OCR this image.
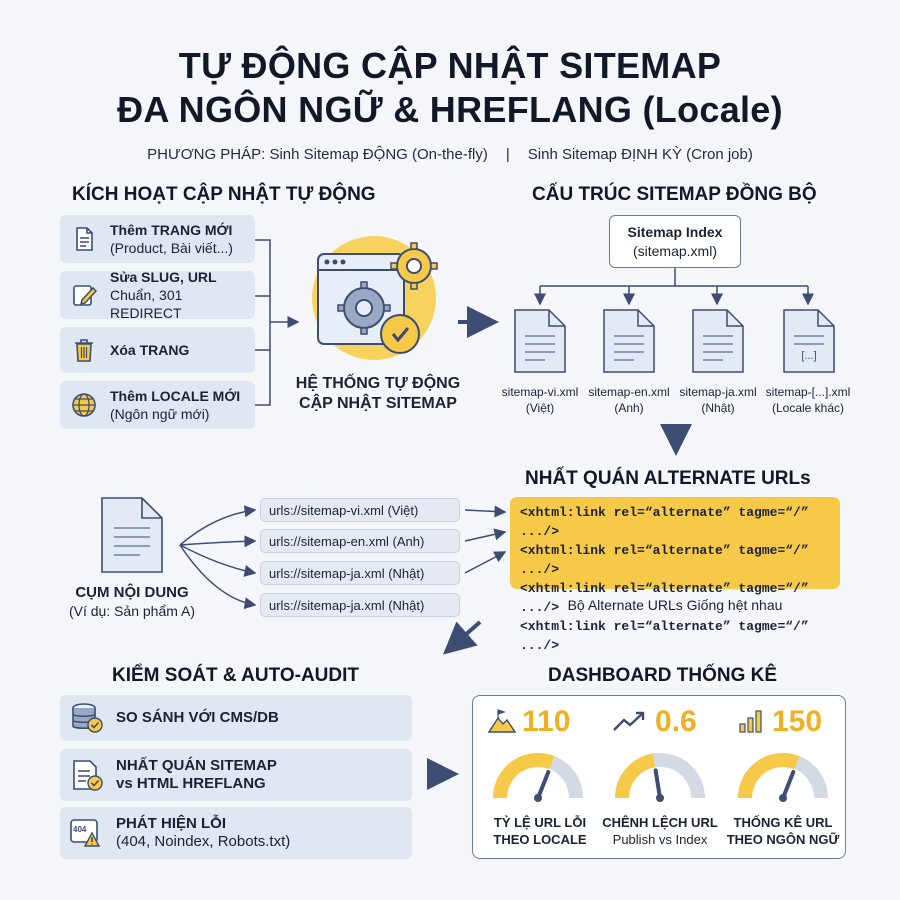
TỰ ĐỘNG CẬP NHẬT SITEMAP
ĐA NGÔN NGỮ & HREFLANG (Locale)
PHƯƠNG PHÁP: Sinh Sitemap ĐỘNG (On-the-fly) | Sinh Sitemap ĐỊNH KỲ (Cron job)
KÍCH HOẠT CẬP NHẬT TỰ ĐỘNG
Thêm TRANG MỚI
(Product, Bài viết...)
Sửa SLUG, URL
Chuẩn, 301 REDIRECT
Xóa TRANG
Thêm LOCALE MỚI
(Ngôn ngữ mới)
HỆ THỐNG TỰ ĐỘNG
CẬP NHẬT SITEMAP
CẤU TRÚC SITEMAP ĐỒNG BỘ
Sitemap Index
(sitemap.xml)
[...]
sitemap-vi.xml
(Việt)
sitemap-en.xml
(Anh)
sitemap-ja.xml
(Nhật)
sitemap-[...].xml
(Locale khác)
NHẤT QUÁN ALTERNATE URLs
CỤM NỘI DUNG
(Ví dụ: Sản phẩm A)
urls://sitemap-vi.xml (Việt)
urls://sitemap-en.xml (Anh)
urls://sitemap-ja.xml (Nhật)
urls://sitemap-ja.xml (Nhật)
<xhtml:link rel=“alternate” tagme=“/” .../>
<xhtml:link rel=“alternate” tagme=“/” .../>
<xhtml:link rel=“alternate” tagme=“/” .../>
<xhtml:link rel=“alternate” tagme=“/” .../>
Bộ Alternate URLs Giống hệt nhau
KIỂM SOÁT & AUTO-AUDIT
SO SÁNH VỚI CMS/DB
NHẤT QUÁN SITEMAP
vs HTML HREFLANG
404 PHÁT HIỆN LỖI
(404, Noindex, Robots.txt)
DASHBOARD THỐNG KÊ
110
TỶ LỆ URL LỖI
THEO LOCALE
0.6
CHÊNH LỆCH URL
Publish vs Index
150
THỐNG KÊ URL
THEO NGÔN NGỮ
